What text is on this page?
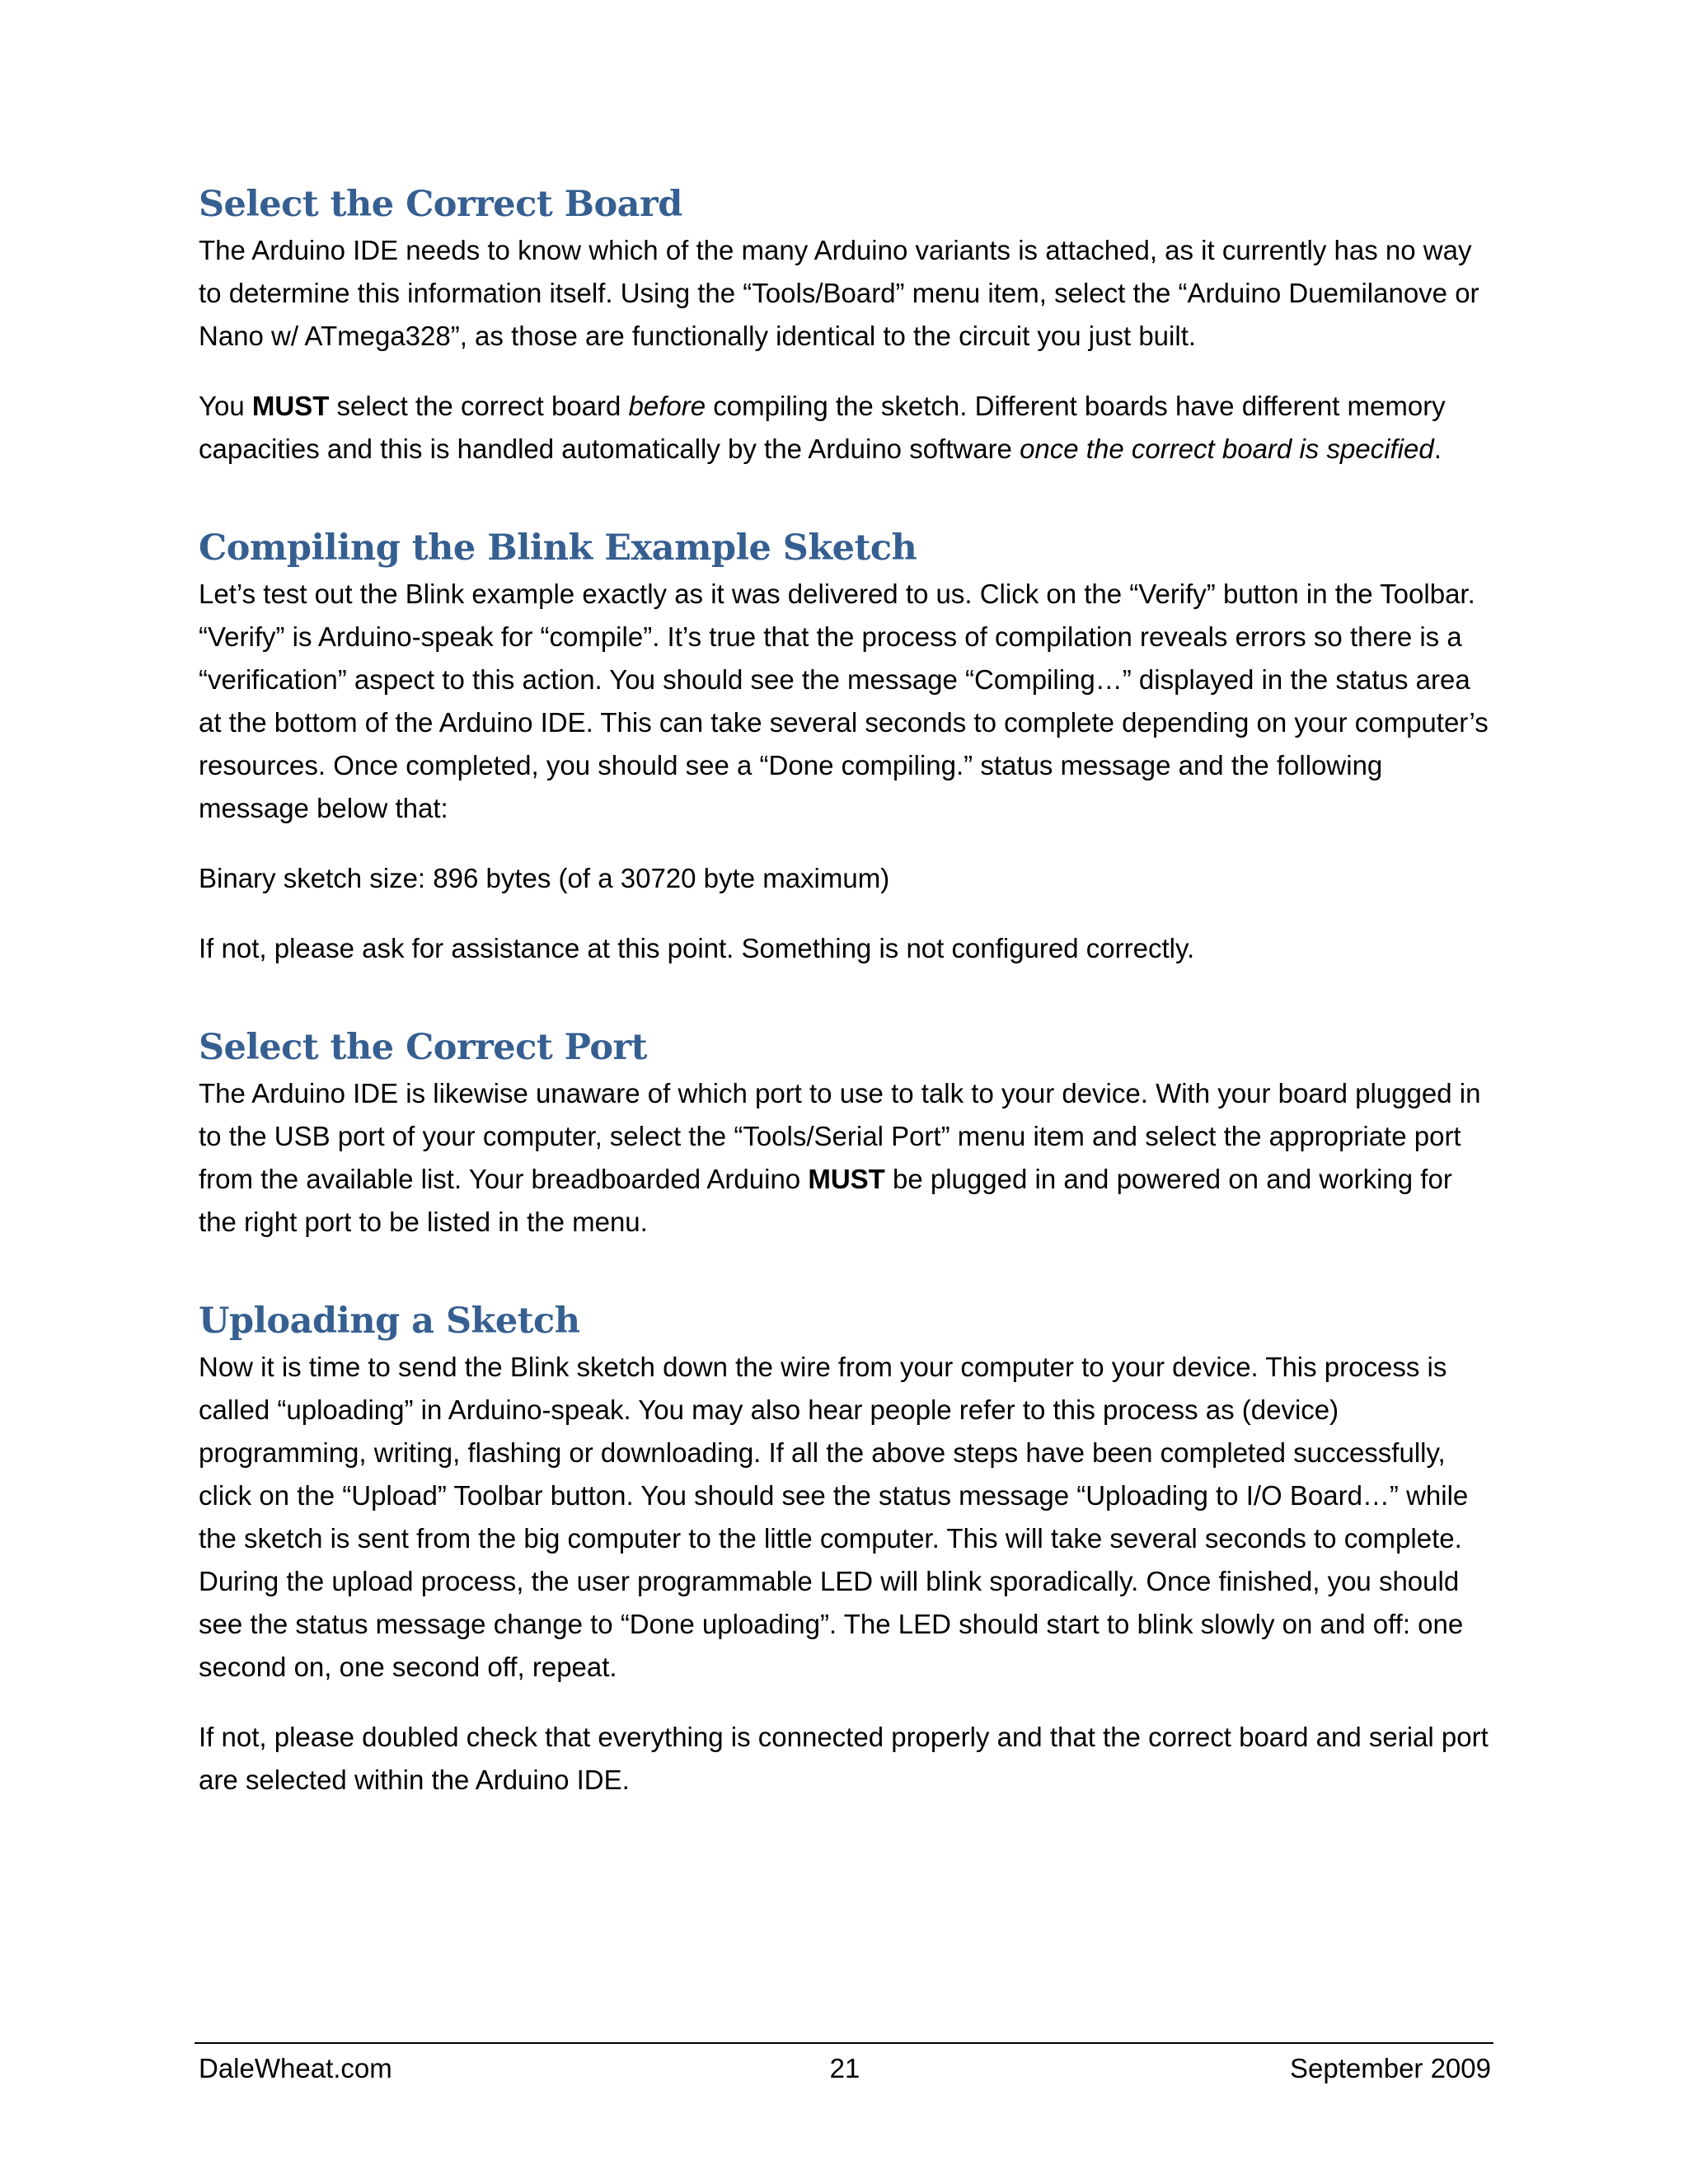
Select the Correct Board

The Arduino IDE needs to know which of the many Arduino variants is attached, as it currently has no way to determine this information itself. Using the “Tools/Board” menu item, select the “Arduino Duemilanove or Nano w/ ATmega328”, as those are functionally identical to the circuit you just built.

You MUST select the correct board before compiling the sketch. Different boards have different memory capacities and this is handled automatically by the Arduino software once the correct board is specified.

Compiling the Blink Example Sketch

Let’s test out the Blink example exactly as it was delivered to us. Click on the “Verify” button in the Toolbar. “Verify” is Arduino-speak for “compile”. It’s true that the process of compilation reveals errors so there is a “verification” aspect to this action. You should see the message “Compiling…” displayed in the status area at the bottom of the Arduino IDE. This can take several seconds to complete depending on your computer’s resources. Once completed, you should see a “Done compiling.” status message and the following message below that:

Binary sketch size: 896 bytes (of a 30720 byte maximum)

If not, please ask for assistance at this point. Something is not configured correctly.

Select the Correct Port

The Arduino IDE is likewise unaware of which port to use to talk to your device. With your board plugged in to the USB port of your computer, select the “Tools/Serial Port” menu item and select the appropriate port from the available list. Your breadboarded Arduino MUST be plugged in and powered on and working for the right port to be listed in the menu.

Uploading a Sketch

Now it is time to send the Blink sketch down the wire from your computer to your device. This process is called “uploading” in Arduino-speak. You may also hear people refer to this process as (device) programming, writing, flashing or downloading. If all the above steps have been completed successfully, click on the “Upload” Toolbar button. You should see the status message “Uploading to I/O Board…” while the sketch is sent from the big computer to the little computer. This will take several seconds to complete. During the upload process, the user programmable LED will blink sporadically. Once finished, you should see the status message change to “Done uploading”. The LED should start to blink slowly on and off: one second on, one second off, repeat.

If not, please doubled check that everything is connected properly and that the correct board and serial port are selected within the Arduino IDE.

DaleWheat.com	21	September 2009
